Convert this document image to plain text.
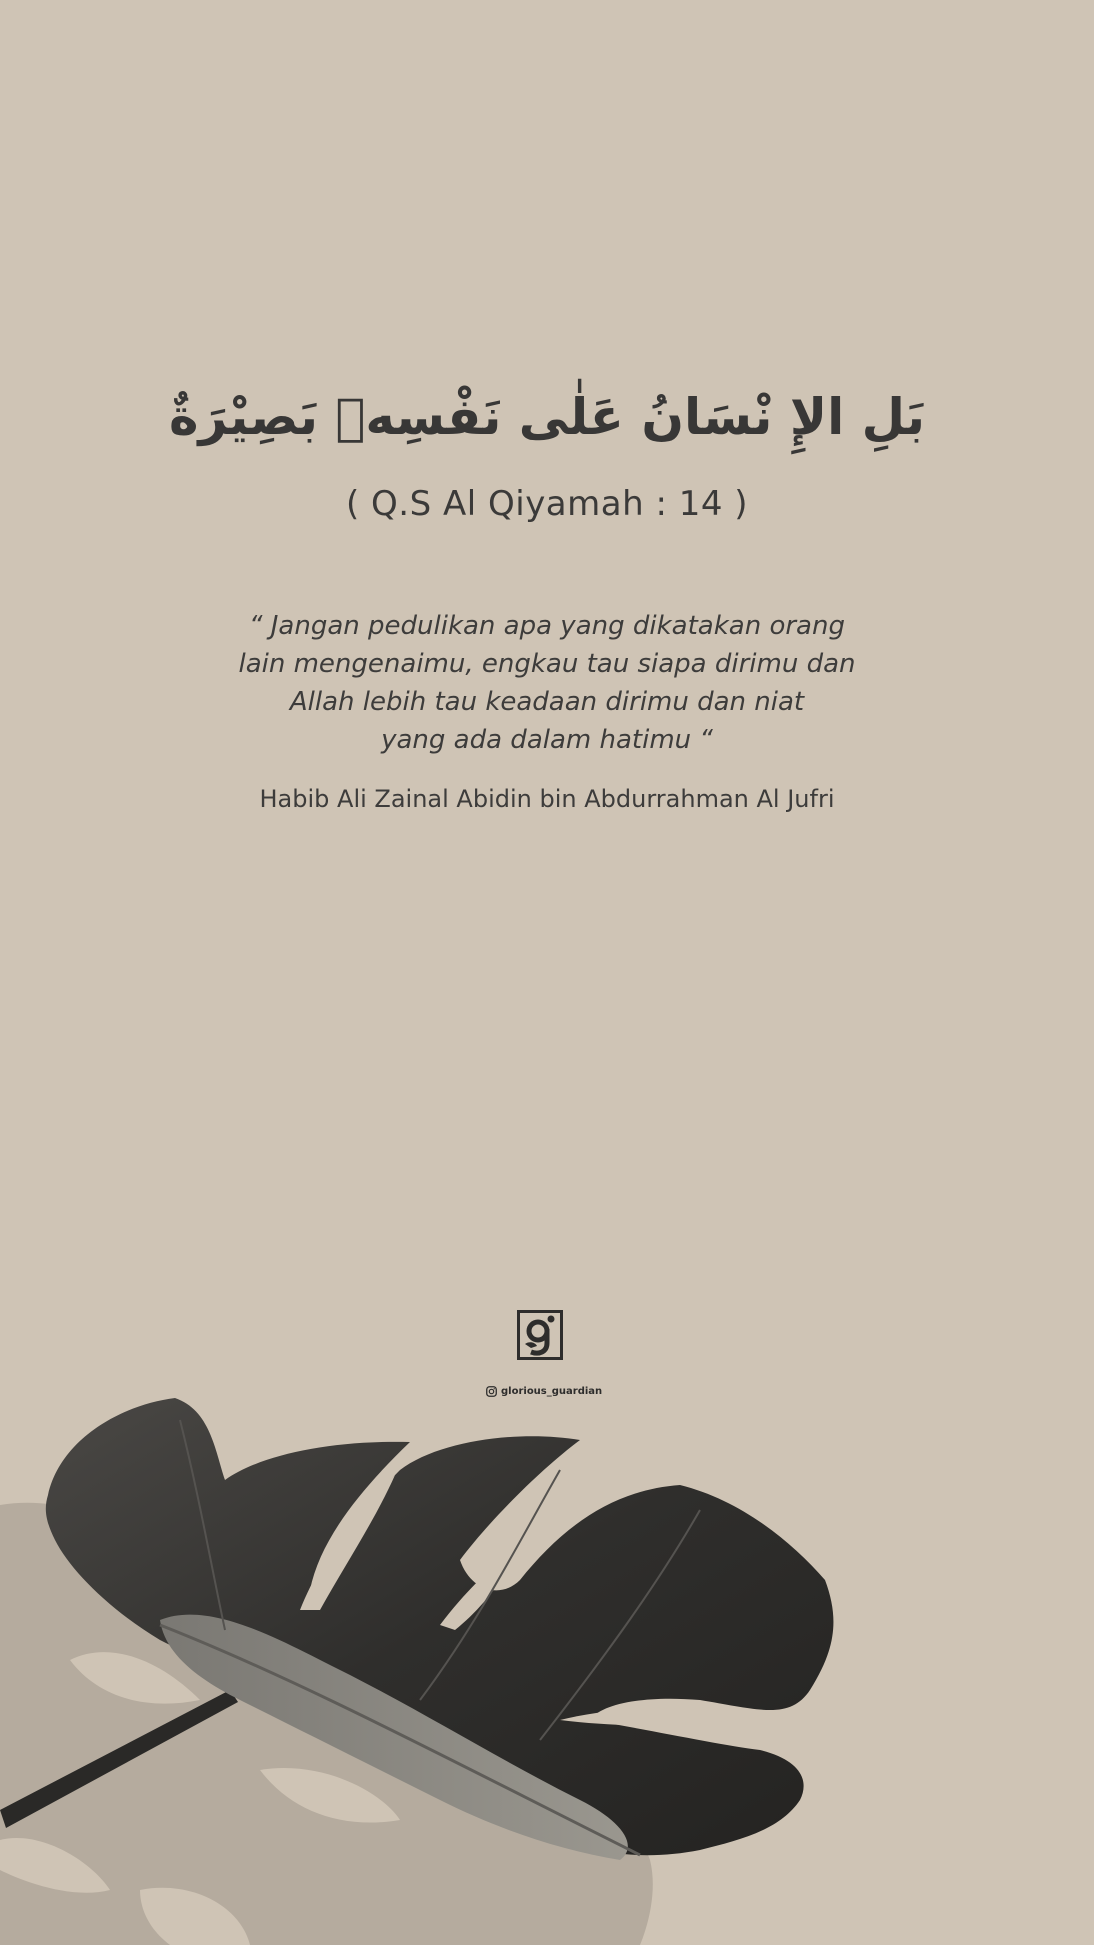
بَلِ الإِ نْسَانُ عَلٰى نَفْسِهٖ بَصِيْرَةٌ
( Q.S Al Qiyamah : 14 )
“ Jangan pedulikan apa yang dikatakan orang
lain mengenaimu, engkau tau siapa dirimu dan
Allah lebih tau keadaan dirimu dan niat
yang ada dalam hatimu “
Habib Ali Zainal Abidin bin Abdurrahman Al Jufri
glorious_guardian
